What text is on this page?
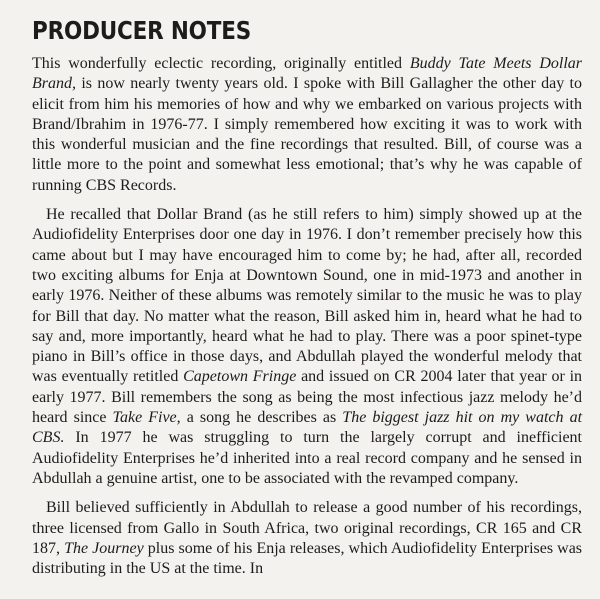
PRODUCER NOTES

This wonderfully eclectic recording, originally entitled Buddy Tate Meets Dollar Brand, is now nearly twenty years old. I spoke with Bill Gallagher the other day to elicit from him his memories of how and why we embarked on various projects with Brand/Ibrahim in 1976-77. I simply remembered how exciting it was to work with this wonderful musician and the fine recordings that resulted. Bill, of course was a little more to the point and somewhat less emotional; that’s why he was capable of running CBS Records.

He recalled that Dollar Brand (as he still refers to him) simply showed up at the Audiofidelity Enterprises door one day in 1976. I don’t remember precisely how this came about but I may have encouraged him to come by; he had, after all, recorded two exciting albums for Enja at Downtown Sound, one in mid-1973 and another in early 1976. Neither of these albums was remotely similar to the music he was to play for Bill that day. No matter what the reason, Bill asked him in, heard what he had to say and, more importantly, heard what he had to play. There was a poor spinet-type piano in Bill’s office in those days, and Abdullah played the wonderful melody that was eventually retitled Capetown Fringe and issued on CR 2004 later that year or in early 1977. Bill remembers the song as being the most infectious jazz melody he’d heard since Take Five, a song he describes as The biggest jazz hit on my watch at CBS. In 1977 he was struggling to turn the largely corrupt and inefficient Audiofidelity Enterprises he’d inherited into a real record company and he sensed in Abdullah a genuine artist, one to be associated with the revamped company.

Bill believed sufficiently in Abdullah to release a good number of his recordings, three licensed from Gallo in South Africa, two original recordings, CR 165 and CR 187, The Journey plus some of his Enja releases, which Audiofidelity Enterprises was distributing in the US at the time. In
